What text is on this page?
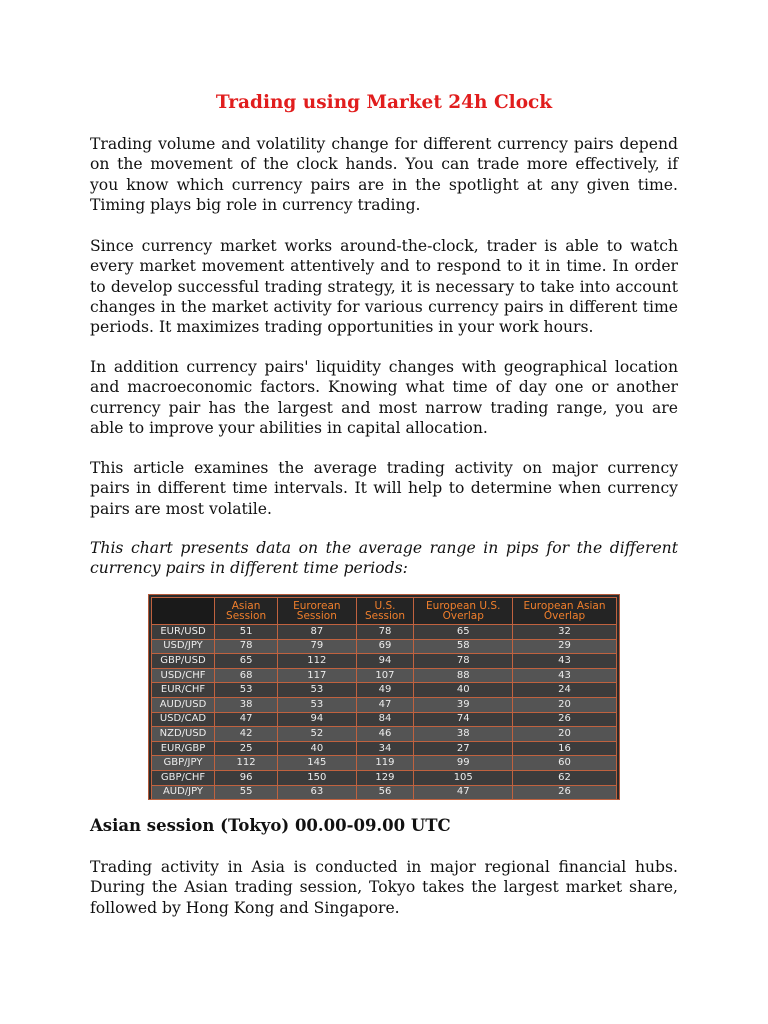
Trading using Market 24h Clock

Trading volume and volatility change for different currency pairs depend on the movement of the clock hands. You can trade more effectively, if you know which currency pairs are in the spotlight at any given time. Timing plays big role in currency trading.

Since currency market works around-the-clock, trader is able to watch every market movement attentively and to respond to it in time. In order to develop successful trading strategy, it is necessary to take into account changes in the market activity for various currency pairs in different time periods. It maximizes trading opportunities in your work hours.

In addition currency pairs' liquidity changes with geographical location and macroeconomic factors. Knowing what time of day one or another currency pair has the largest and most narrow trading range, you are able to improve your abilities in capital allocation.

This article examines the average trading activity on major currency pairs in different time intervals. It will help to determine when currency pairs are most volatile.

This chart presents data on the average range in pips for the different currency pairs in different time periods:

	Asian Session	Eurorean Session	U.S. Session	European U.S. Overlap	European Asian Overlap
EUR/USD	51	87	78	65	32
USD/JPY	78	79	69	58	29
GBP/USD	65	112	94	78	43
USD/CHF	68	117	107	88	43
EUR/CHF	53	53	49	40	24
AUD/USD	38	53	47	39	20
USD/CAD	47	94	84	74	26
NZD/USD	42	52	46	38	20
EUR/GBP	25	40	34	27	16
GBP/JPY	112	145	119	99	60
GBP/CHF	96	150	129	105	62
AUD/JPY	55	63	56	47	26
Asian session (Tokyo) 00.00-09.00 UTC

Trading activity in Asia is conducted in major regional financial hubs. During the Asian trading session, Tokyo takes the largest market share, followed by Hong Kong and Singapore.
